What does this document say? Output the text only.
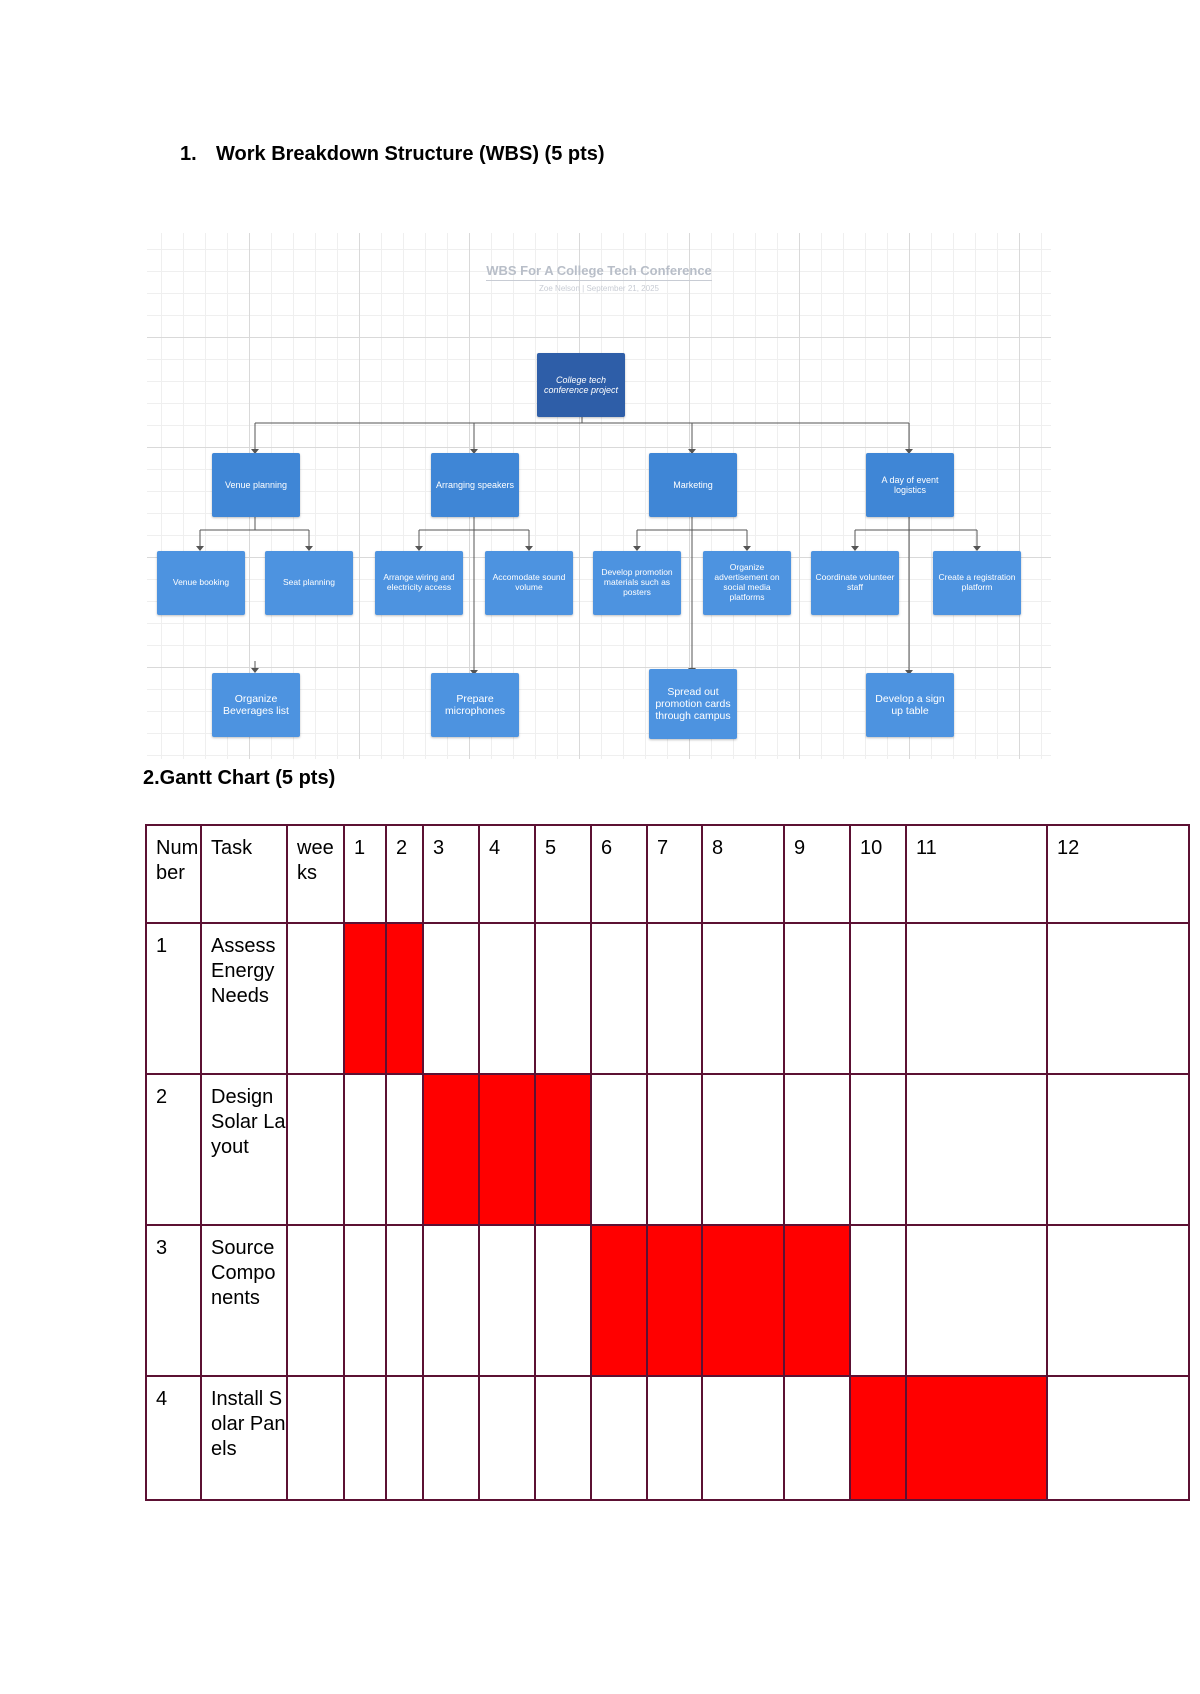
1. Work Breakdown Structure (WBS) (5 pts)
WBS For A College Tech Conference
Zoe Nelson | September 21, 2025
College tech conference project
Venue planning	Arranging speakers	Marketing
A day of event logistics
Venue booking	Seat planning	Arrange wiring and electricity access
Accomodate sound volume
Develop promotion materials such as posters
Organize advertisement on social media platforms
Coordinate volunteer staff
Create a registration platform
Organize Beverages list
Prepare microphones
Spread out promotion cards through campus
Develop a sign up table
2.Gantt Chart (5 pts)
Number	Task	weeks	1	2	3	4	5	6	7	8	9	10	11	12
1	Assess Energy Needs													
2	Design Solar Layout													
3	Source Components													
4	Install Solar Panels													
